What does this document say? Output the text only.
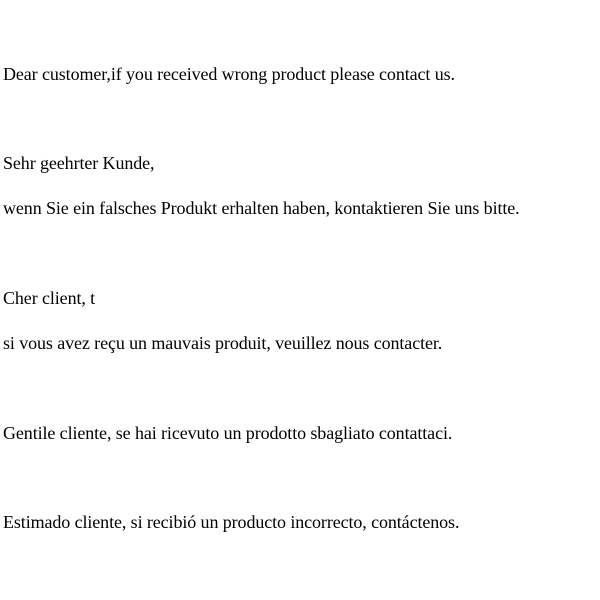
Dear customer,if you received wrong product please contact us.

Sehr geehrter Kunde,

wenn Sie ein falsches Produkt erhalten haben, kontaktieren Sie uns bitte.

Cher client, t

si vous avez reçu un mauvais produit, veuillez nous contacter.

Gentile cliente, se hai ricevuto un prodotto sbagliato contattaci.

Estimado cliente, si recibió un producto incorrecto, contáctenos.
